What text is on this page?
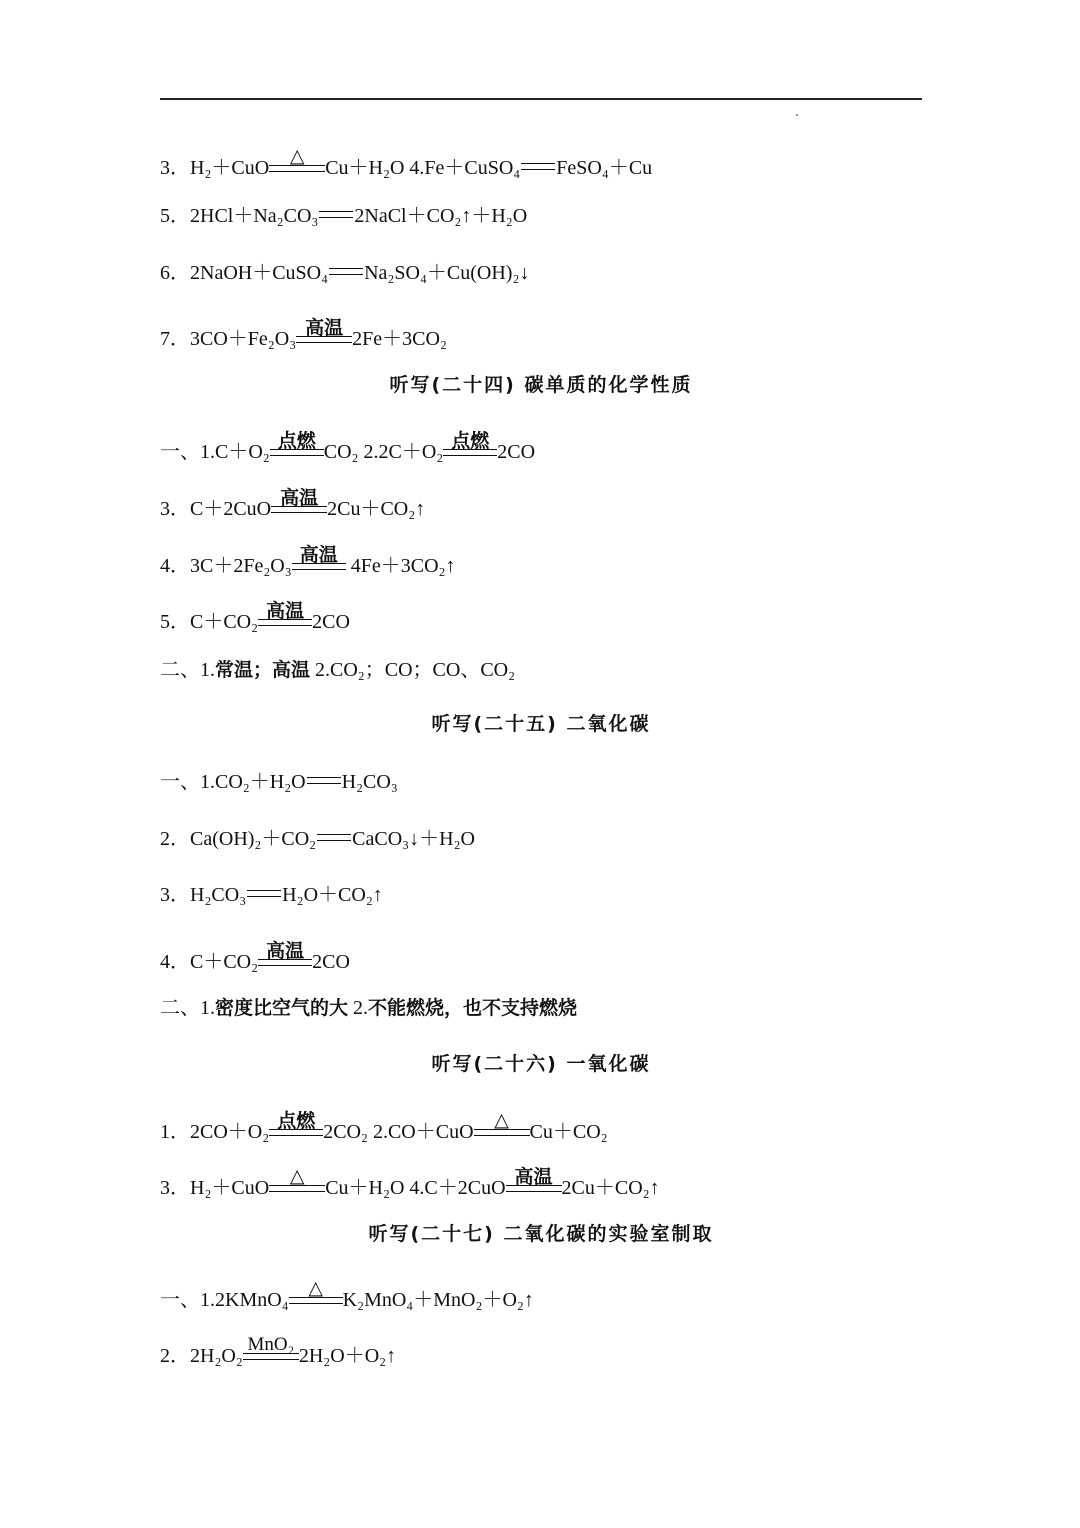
3．H₂＋CuO
△
Cu＋H₂O 4.Fe＋CuSO₄ FeSO₄＋Cu
5．2HCl＋Na₂CO₃ 2NaCl＋CO₂↑＋H₂O
6．2NaOH＋CuSO₄ Na₂SO₄＋Cu(OH)₂↓
7．3CO＋Fe₂O₃ 高温 2Fe＋3CO₂
听写(二十四) 碳单质的化学性质
一、1.C＋O₂ 点燃 CO₂ 2.2C＋O₂ 点燃 2CO
3．C＋2CuO 高温 2Cu＋CO₂↑
4．3C＋2Fe₂O₃ 高温 4Fe＋3CO₂↑
5．C＋CO₂ 高温 2CO
二、1.常温；高温 2.CO₂；CO；CO、CO₂
听写(二十五) 二氧化碳
一、1.CO₂＋H₂O H₂CO₃
2．Ca(OH)₂＋CO₂ CaCO₃↓＋H₂O
3．H₂CO₃ H₂O＋CO₂↑
4．C＋CO₂ 高温 2CO
二、1.密度比空气的大 2.不能燃烧，也不支持燃烧
听写(二十六) 一氧化碳
1．2CO＋O₂ 点燃 2CO₂ 2.CO＋CuO
△
Cu＋CO₂
3．H₂＋CuO
△
Cu＋H₂O 4.C＋2CuO 高温 2Cu＋CO₂↑
听写(二十七) 二氧化碳的实验室制取
一、1.2KMnO₄
△
K₂MnO₄＋MnO₂＋O₂↑
2．2H₂O₂
MnO₂
2H₂O＋O₂↑
